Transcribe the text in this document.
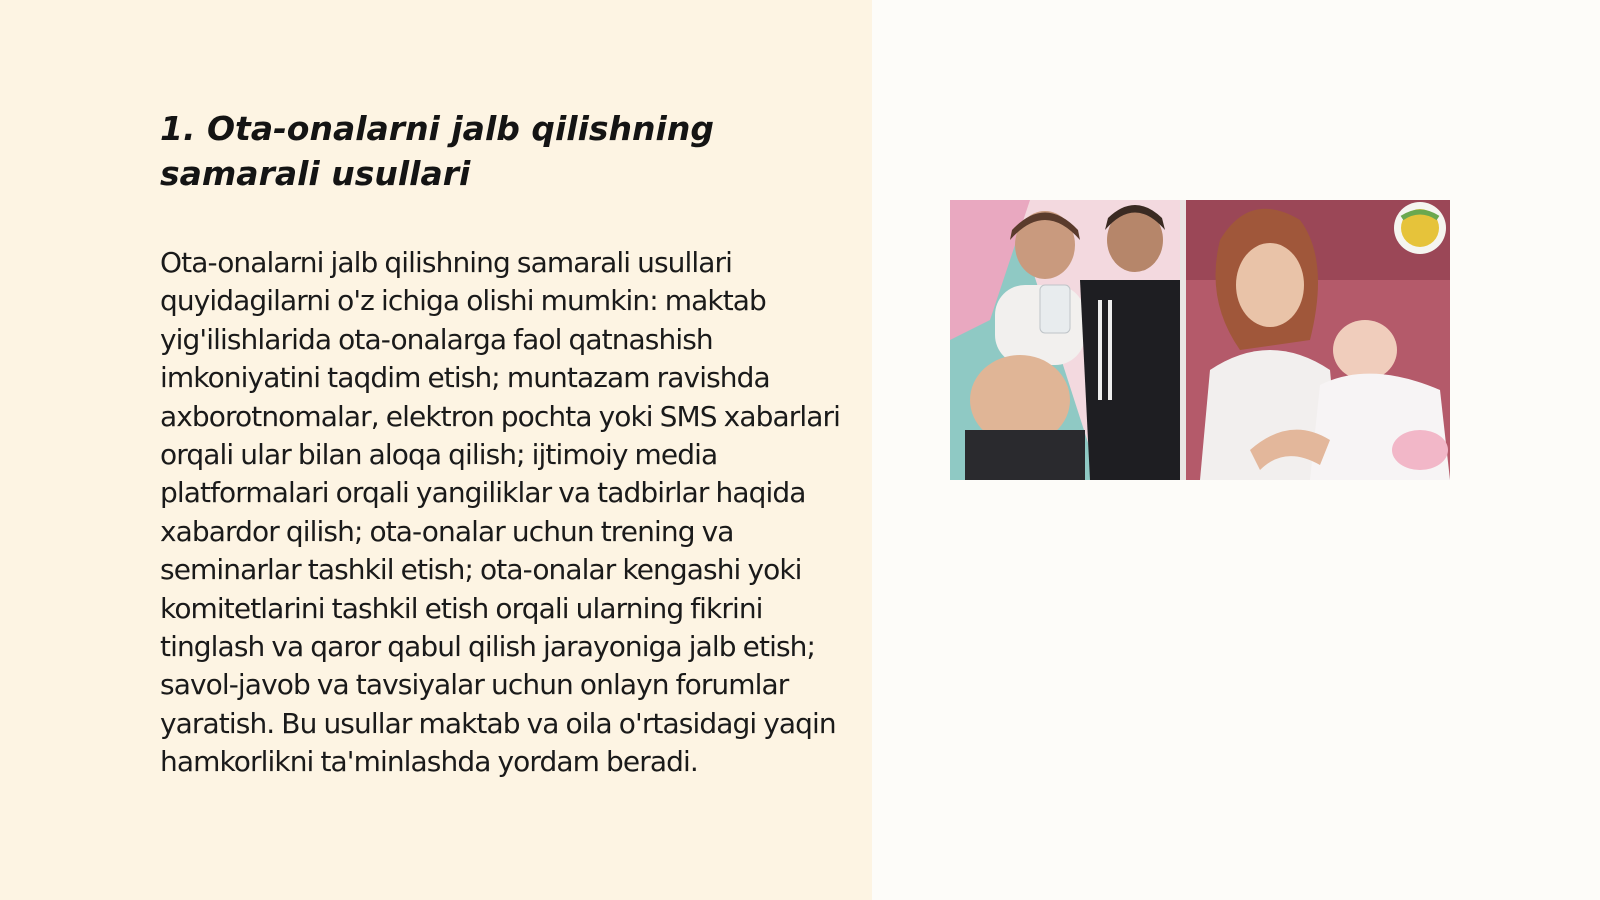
1. Ota-onalarni jalb qilishning samarali usullari

Ota-onalarni jalb qilishning samarali usullari quyidagilarni o'z ichiga olishi mumkin: maktab yig'ilishlarida ota-onalarga faol qatnashish imkoniyatini taqdim etish; muntazam ravishda axborotnomalar, elektron pochta yoki SMS xabarlari orqali ular bilan aloqa qilish; ijtimoiy media platformalari orqali yangiliklar va tadbirlar haqida xabardor qilish; ota-onalar uchun trening va seminarlar tashkil etish; ota-onalar kengashi yoki komitetlarini tashkil etish orqali ularning fikrini tinglash va qaror qabul qilish jarayoniga jalb etish; savol-javob va tavsiyalar uchun onlayn forumlar yaratish. Bu usullar maktab va oila o'rtasidagi yaqin hamkorlikni ta'minlashda yordam beradi.
